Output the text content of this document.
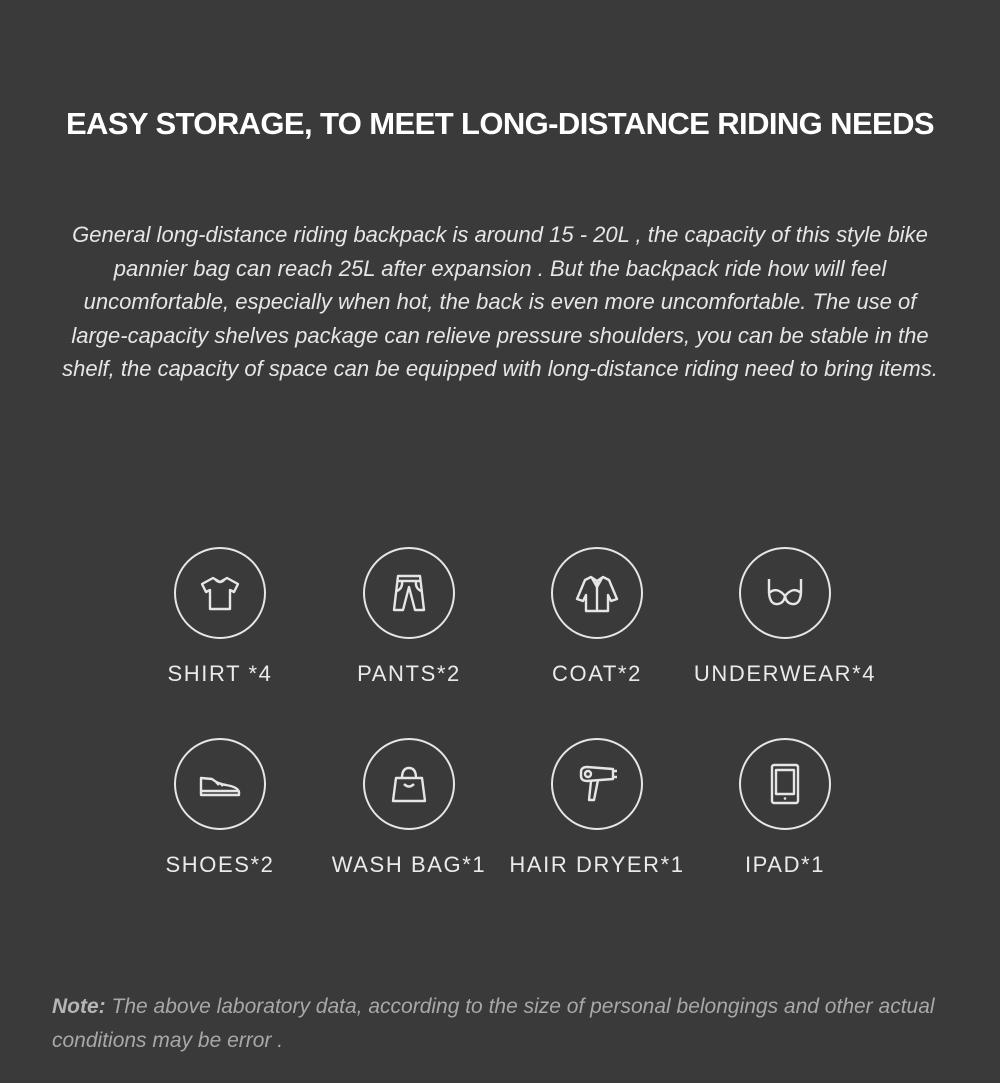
EASY STORAGE, TO MEET LONG-DISTANCE RIDING NEEDS
General long-distance riding backpack is around 15 - 20L , the capacity of this style bike pannier bag can reach 25L after expansion . But the backpack ride how will feel uncomfortable, especially when hot, the back is even more uncomfortable. The use of large-capacity shelves package can relieve pressure shoulders, you can be stable in the shelf, the capacity of space can be equipped with long-distance riding need to bring items.
SHIRT *4	PANTS*2	COAT*2	UNDERWEAR*4
SHOES*2	WASH BAG*1	HAIR DRYER*1	IPAD*1
Note: The above laboratory data, according to the size of personal belongings and other actual conditions may be error .
